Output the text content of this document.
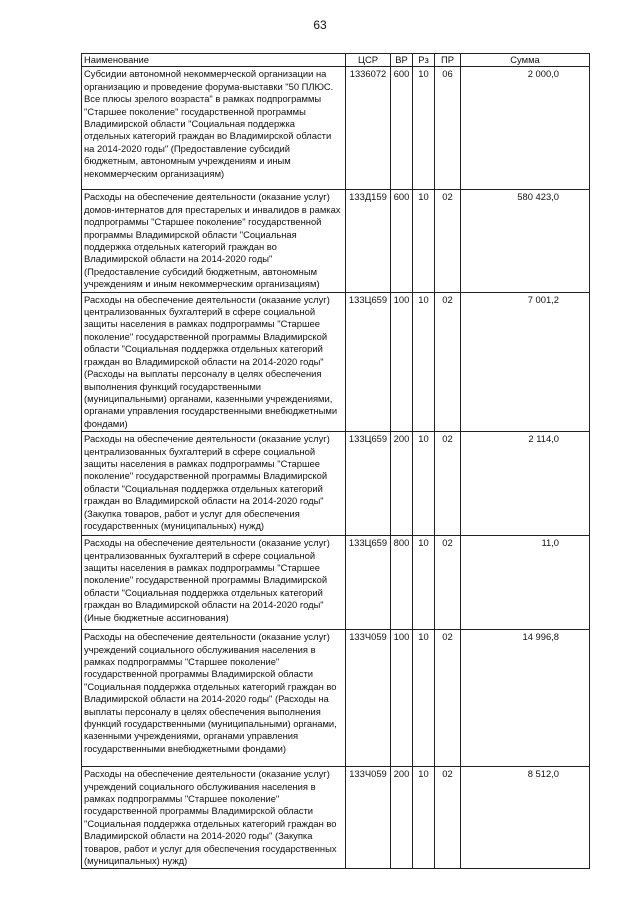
63
Наименование	ЦСР	ВР	Рз	ПР	Сумма
Субсидии автономной некоммерческой организации на организацию и проведение форума-выставки "50 ПЛЮС. Все плюсы зрелого возраста" в рамках подпрограммы "Старшее поколение" государственной программы Владимирской области "Социальная поддержка отдельных категорий граждан во Владимирской области на 2014-2020 годы" (Предоставление субсидий бюджетным, автономным учреждениям и иным некоммерческим организациям)	1336072	600	10	06	2 000,0
Расходы на обеспечение деятельности (оказание услуг) домов-интернатов для престарелых и инвалидов в рамках подпрограммы "Старшее поколение" государственной программы Владимирской области "Социальная поддержка отдельных категорий граждан во Владимирской области на 2014-2020 годы" (Предоставление субсидий бюджетным, автономным учреждениям и иным некоммерческим организациям)	133Д159	600	10	02	580 423,0
Расходы на обеспечение деятельности (оказание услуг) централизованных бухгалтерий в сфере социальной защиты населения в рамках подпрограммы "Старшее поколение" государственной программы Владимирской области "Социальная поддержка отдельных категорий граждан во Владимирской области на 2014-2020 годы" (Расходы на выплаты персоналу в целях обеспечения выполнения функций государственными (муниципальными) органами, казенными учреждениями, органами управления государственными внебюджетными фондами)	133Ц659	100	10	02	7 001,2
Расходы на обеспечение деятельности (оказание услуг) централизованных бухгалтерий в сфере социальной защиты населения в рамках подпрограммы "Старшее поколение" государственной программы Владимирской области "Социальная поддержка отдельных категорий граждан во Владимирской области на 2014-2020 годы" (Закупка товаров, работ и услуг для обеспечения государственных (муниципальных) нужд)	133Ц659	200	10	02	2 114,0
Расходы на обеспечение деятельности (оказание услуг) централизованных бухгалтерий в сфере социальной защиты населения в рамках подпрограммы "Старшее поколение" государственной программы Владимирской области "Социальная поддержка отдельных категорий граждан во Владимирской области на 2014-2020 годы" (Иные бюджетные ассигнования)	133Ц659	800	10	02	11,0
Расходы на обеспечение деятельности (оказание услуг) учреждений социального обслуживания населения в рамках подпрограммы "Старшее поколение" государственной программы Владимирской области "Социальная поддержка отдельных категорий граждан во Владимирской области на 2014-2020 годы" (Расходы на выплаты персоналу в целях обеспечения выполнения функций государственными (муниципальными) органами, казенными учреждениями, органами управления государственными внебюджетными фондами)	133Ч059	100	10	02	14 996,8
Расходы на обеспечение деятельности (оказание услуг) учреждений социального обслуживания населения в рамках подпрограммы "Старшее поколение" государственной программы Владимирской области "Социальная поддержка отдельных категорий граждан во Владимирской области на 2014-2020 годы" (Закупка товаров, работ и услуг для обеспечения государственных (муниципальных) нужд)	133Ч059	200	10	02	8 512,0
